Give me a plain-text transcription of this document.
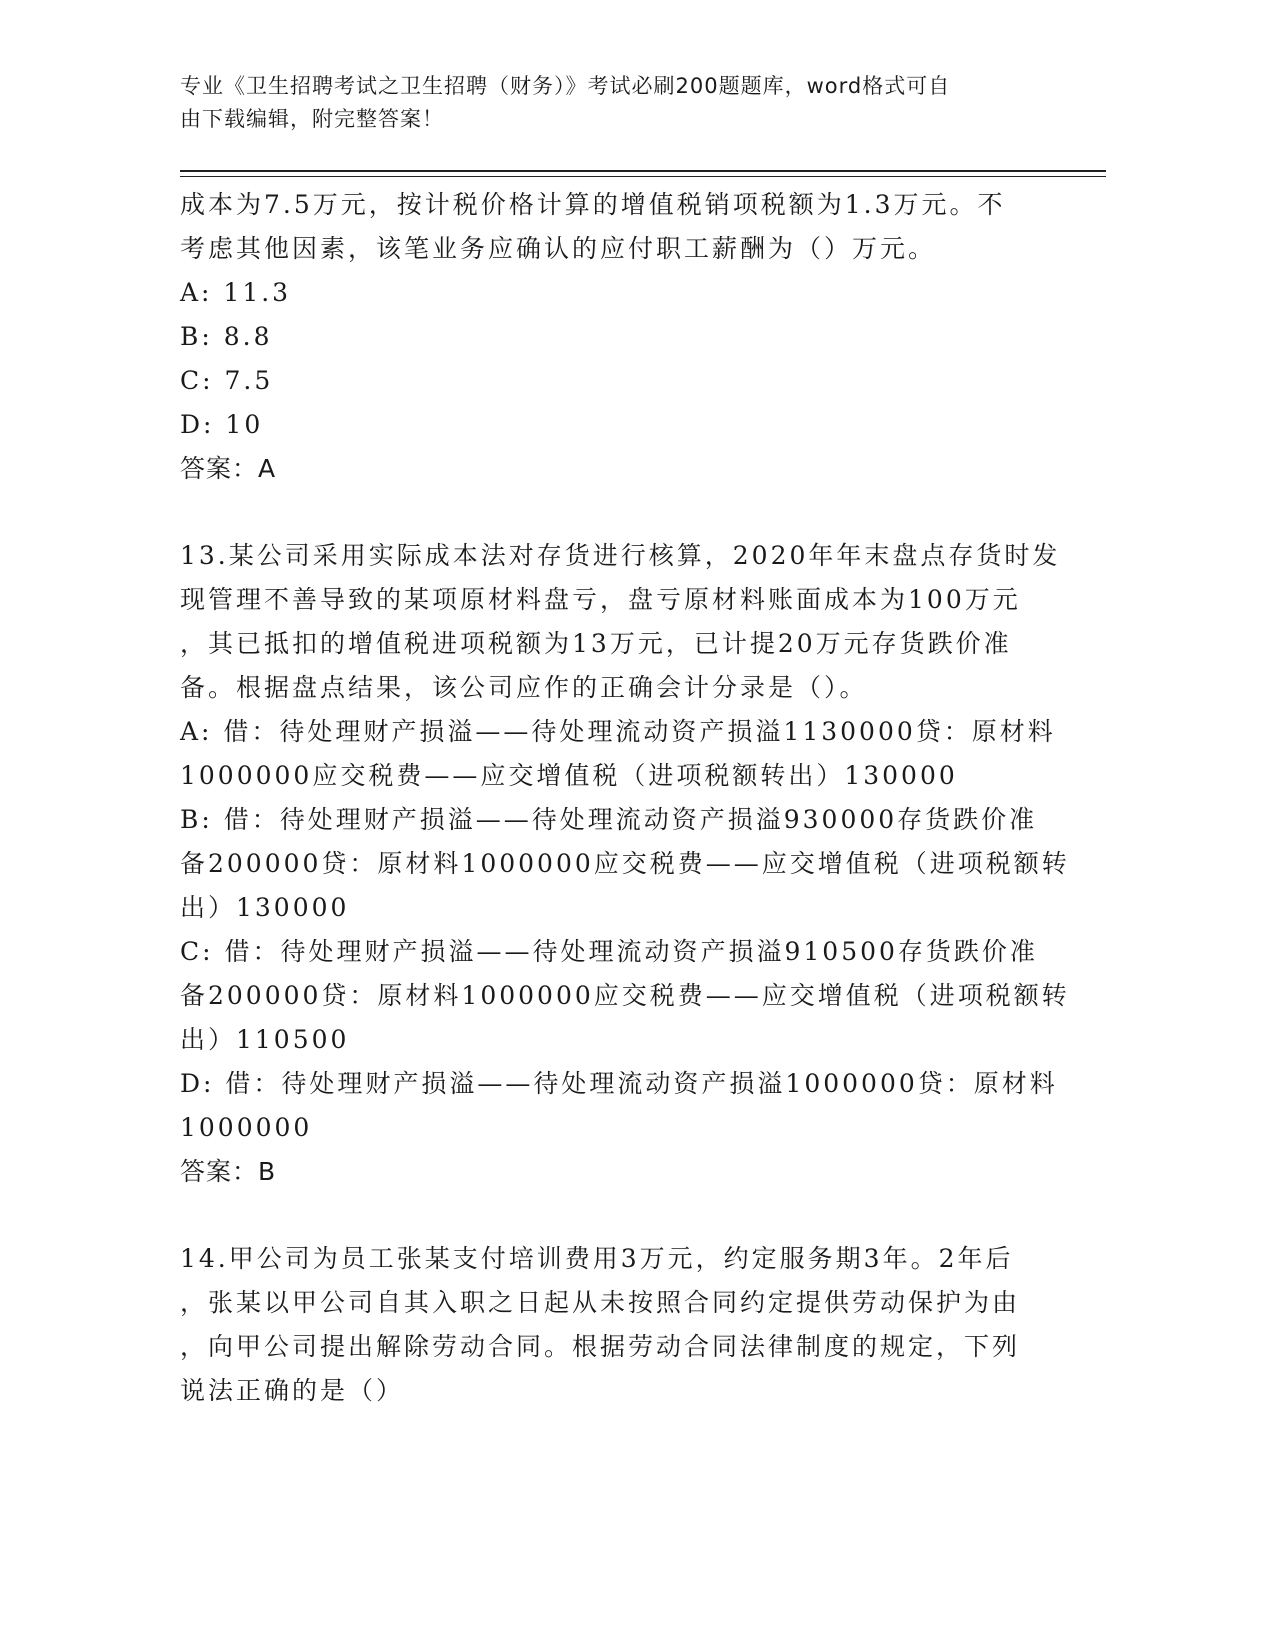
专业《卫生招聘考试之卫生招聘（财务）》考试必刷200题题库，word格式可自
由下载编辑，附完整答案！
成本为7.5万元，按计税价格计算的增值税销项税额为1.3万元。不
考虑其他因素，该笔业务应确认的应付职工薪酬为（）万元。
A: 11.3
B: 8.8
C: 7.5
D: 10
答案：A
13.某公司采用实际成本法对存货进行核算，2020年年末盘点存货时发
现管理不善导致的某项原材料盘亏，盘亏原材料账面成本为100万元
，其已抵扣的增值税进项税额为13万元，已计提20万元存货跌价准
备。根据盘点结果，该公司应作的正确会计分录是（）。
A: 借：待处理财产损溢——待处理流动资产损溢1130000贷：原材料
1000000应交税费——应交增值税（进项税额转出）130000
B: 借：待处理财产损溢——待处理流动资产损溢930000存货跌价准
备200000贷：原材料1000000应交税费——应交增值税（进项税额转
出）130000
C: 借：待处理财产损溢——待处理流动资产损溢910500存货跌价准
备200000贷：原材料1000000应交税费——应交增值税（进项税额转
出）110500
D: 借：待处理财产损溢——待处理流动资产损溢1000000贷：原材料
1000000
答案：B
14.甲公司为员工张某支付培训费用3万元，约定服务期3年。2年后
，张某以甲公司自其入职之日起从未按照合同约定提供劳动保护为由
，向甲公司提出解除劳动合同。根据劳动合同法律制度的规定，下列
说法正确的是（）
